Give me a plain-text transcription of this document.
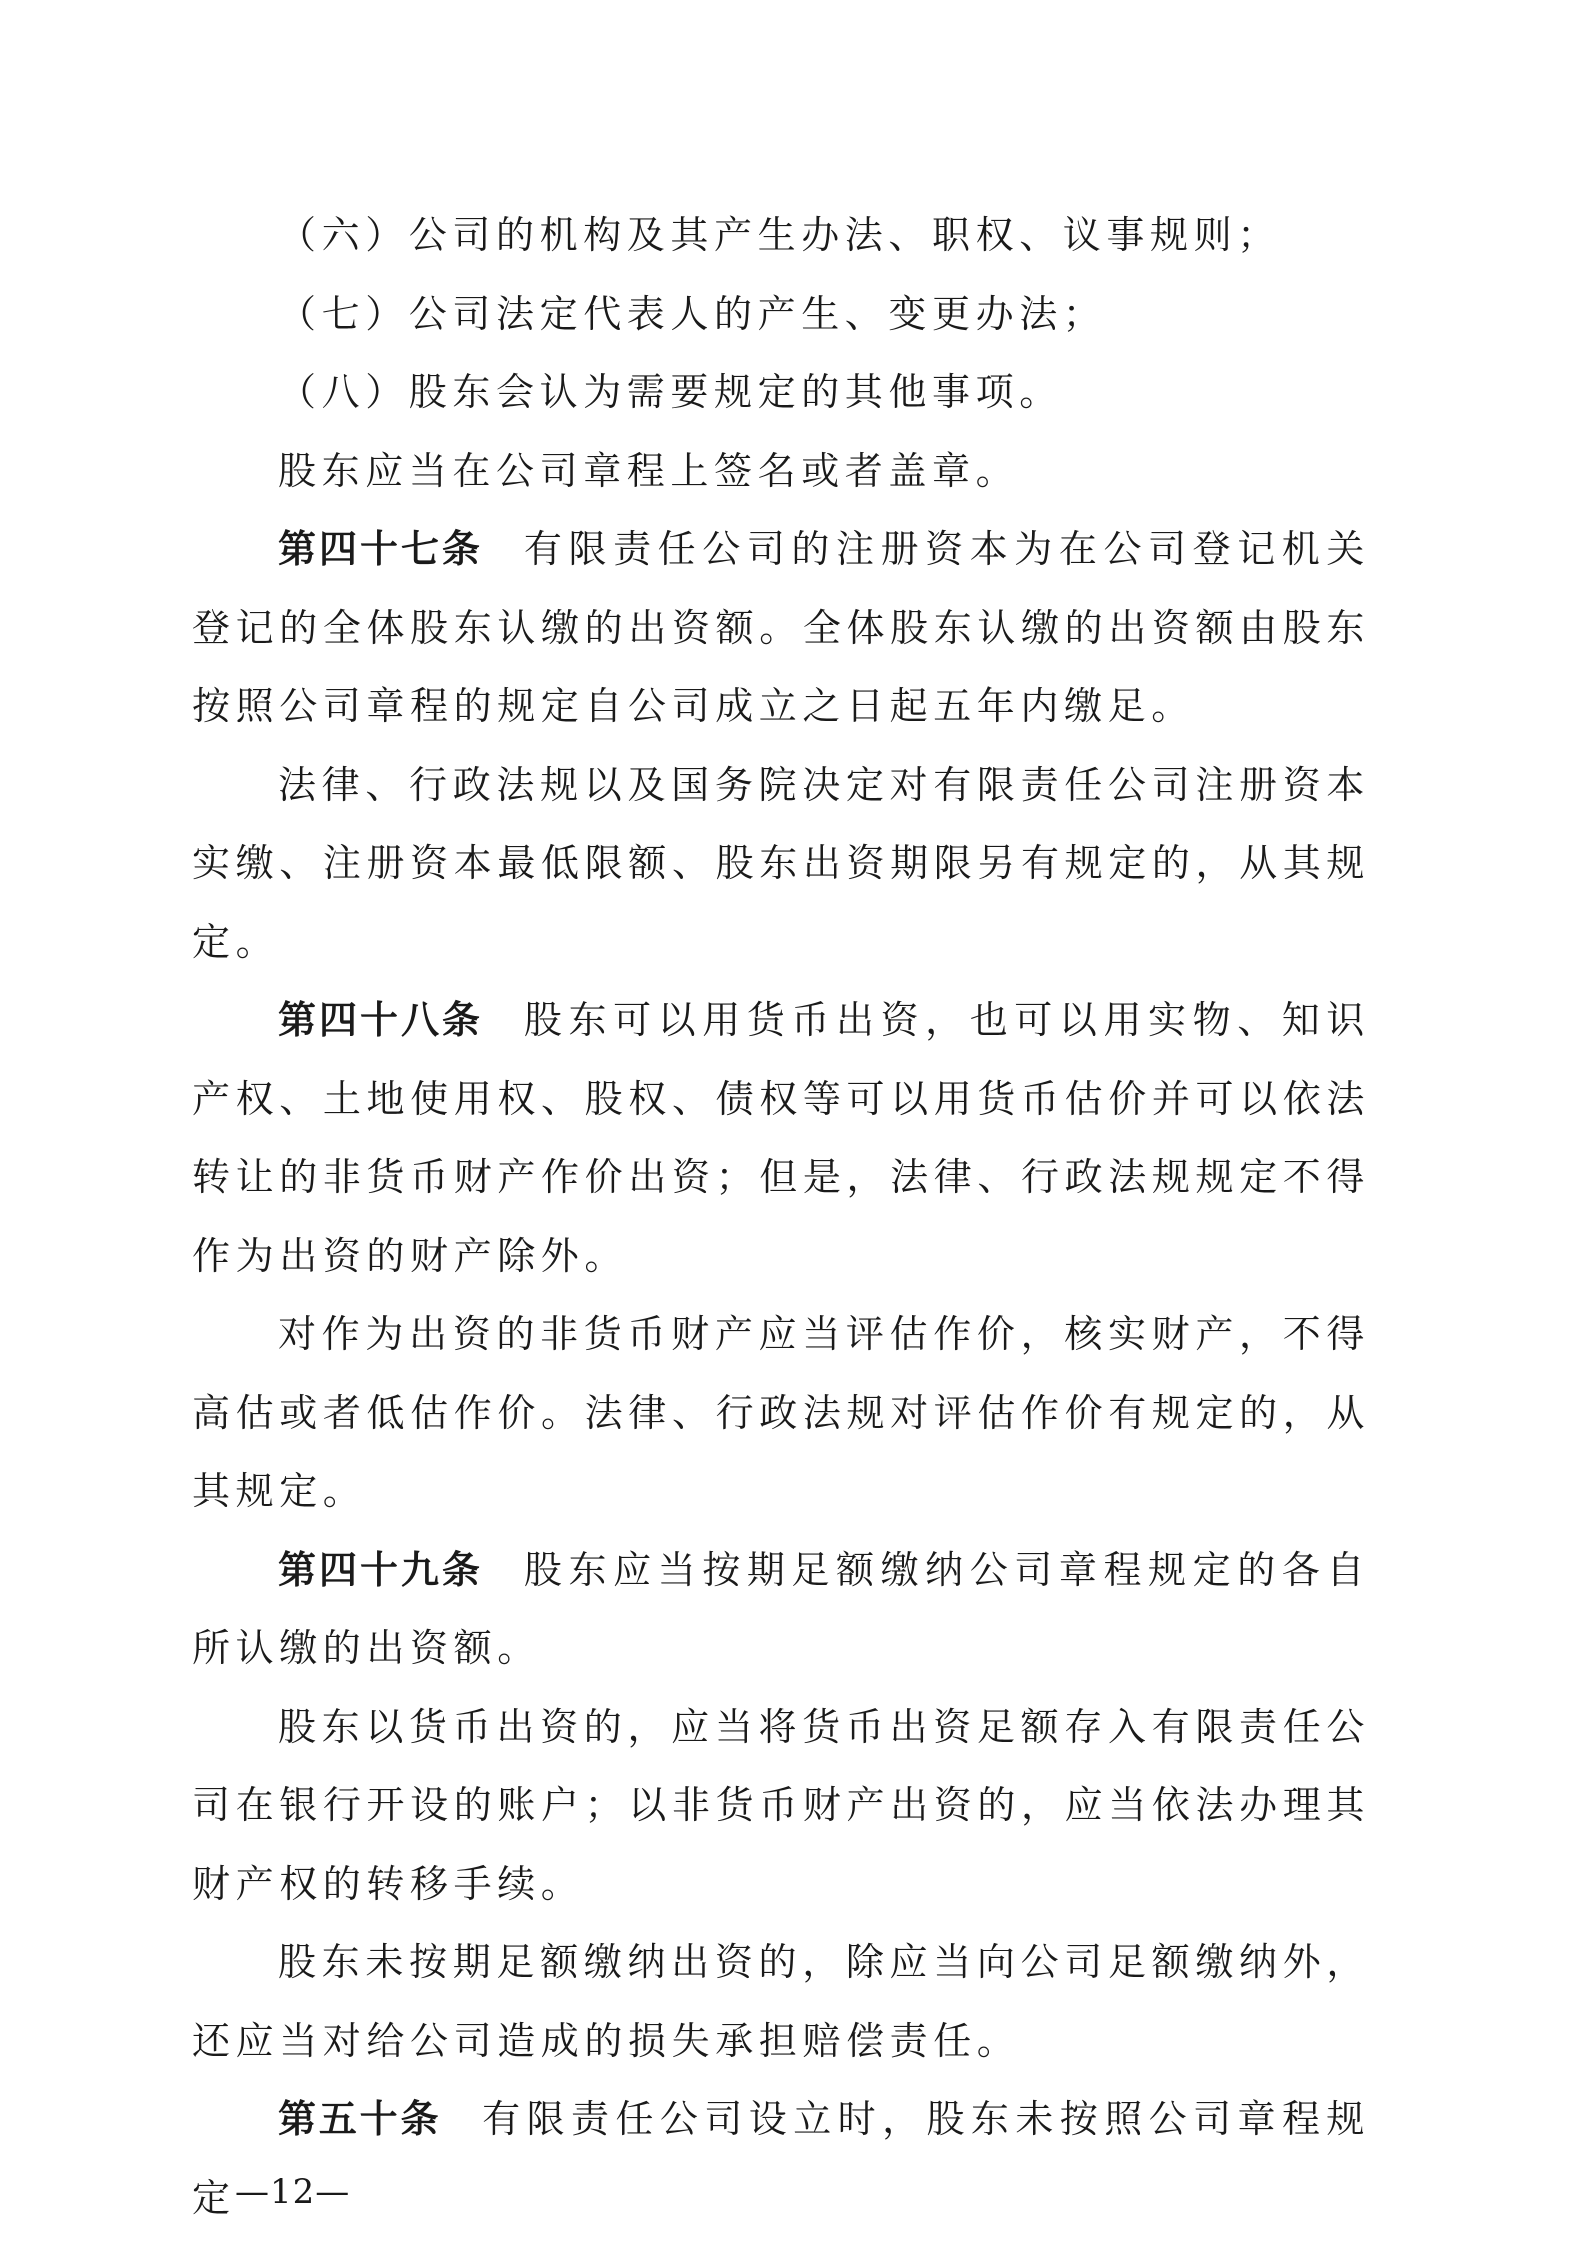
（六）公司的机构及其产生办法、职权、议事规则；

（七）公司法定代表人的产生、变更办法；

（八）股东会认为需要规定的其他事项。

股东应当在公司章程上签名或者盖章。

第四十七条 有限责任公司的注册资本为在公司登记机关登记的全体股东认缴的出资额。全体股东认缴的出资额由股东按照公司章程的规定自公司成立之日起五年内缴足。

法律、行政法规以及国务院决定对有限责任公司注册资本实缴、注册资本最低限额、股东出资期限另有规定的，从其规定。

第四十八条 股东可以用货币出资，也可以用实物、知识产权、土地使用权、股权、债权等可以用货币估价并可以依法转让的非货币财产作价出资；但是，法律、行政法规规定不得作为出资的财产除外。

对作为出资的非货币财产应当评估作价，核实财产，不得高估或者低估作价。法律、行政法规对评估作价有规定的，从其规定。

第四十九条 股东应当按期足额缴纳公司章程规定的各自所认缴的出资额。

股东以货币出资的，应当将货币出资足额存入有限责任公司在银行开设的账户；以非货币财产出资的，应当依法办理其财产权的转移手续。

股东未按期足额缴纳出资的，除应当向公司足额缴纳外，还应当对给公司造成的损失承担赔偿责任。

第五十条 有限责任公司设立时，股东未按照公司章程规定 —12—
